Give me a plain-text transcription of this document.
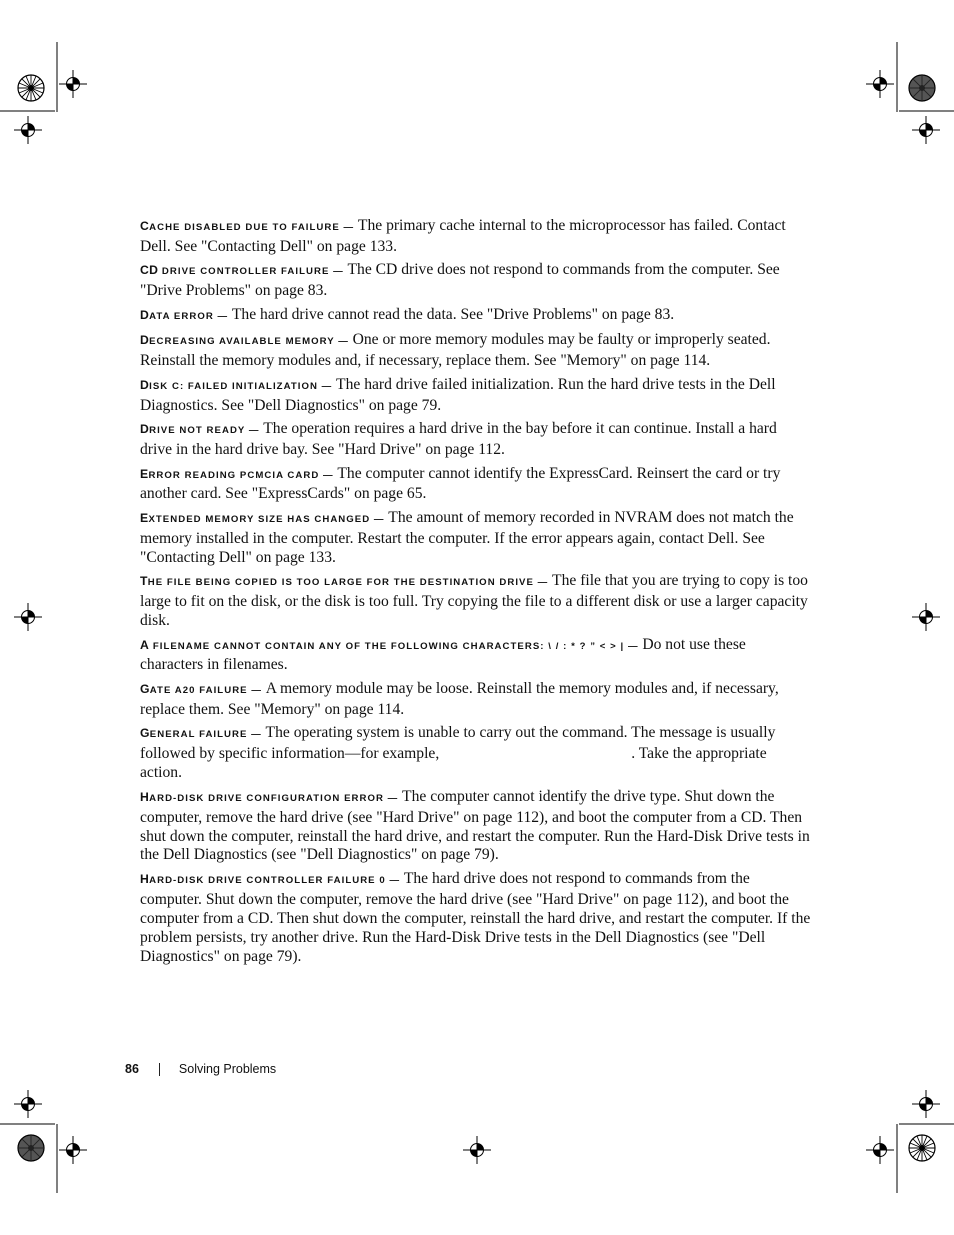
CACHE DISABLED DUE TO FAILURE — The primary cache internal to the microprocessor has failed. Contact Dell. See "Contacting Dell" on page 133.

CD DRIVE CONTROLLER FAILURE — The CD drive does not respond to commands from the computer. See "Drive Problems" on page 83.

DATA ERROR — The hard drive cannot read the data. See "Drive Problems" on page 83.

DECREASING AVAILABLE MEMORY — One or more memory modules may be faulty or improperly seated. Reinstall the memory modules and, if necessary, replace them. See "Memory" on page 114.

DISK C: FAILED INITIALIZATION — The hard drive failed initialization. Run the hard drive tests in the Dell Diagnostics. See "Dell Diagnostics" on page 79.

DRIVE NOT READY — The operation requires a hard drive in the bay before it can continue. Install a hard drive in the hard drive bay. See "Hard Drive" on page 112.

ERROR READING PCMCIA CARD — The computer cannot identify the ExpressCard. Reinsert the card or try another card. See "ExpressCards" on page 65.

EXTENDED MEMORY SIZE HAS CHANGED — The amount of memory recorded in NVRAM does not match the memory installed in the computer. Restart the computer. If the error appears again, contact Dell. See "Contacting Dell" on page 133.

THE FILE BEING COPIED IS TOO LARGE FOR THE DESTINATION DRIVE — The file that you are trying to copy is too large to fit on the disk, or the disk is too full. Try copying the file to a different disk or use a larger capacity disk.

A FILENAME CANNOT CONTAIN ANY OF THE FOLLOWING CHARACTERS: \ / : * ? ” < > | — Do not use these characters in filenames.

GATE A20 FAILURE — A memory module may be loose. Reinstall the memory modules and, if necessary, replace them. See "Memory" on page 114.

GENERAL FAILURE — The operating system is unable to carry out the command. The message is usually followed by specific information—for example,	. Take the appropriate action.

HARD-DISK DRIVE CONFIGURATION ERROR — The computer cannot identify the drive type. Shut down the computer, remove the hard drive (see "Hard Drive" on page 112), and boot the computer from a CD. Then shut down the computer, reinstall the hard drive, and restart the computer. Run the Hard-Disk Drive tests in the Dell Diagnostics (see "Dell Diagnostics" on page 79).

HARD-DISK DRIVE CONTROLLER FAILURE 0 — The hard drive does not respond to commands from the computer. Shut down the computer, remove the hard drive (see "Hard Drive" on page 112), and boot the computer from a CD. Then shut down the computer, reinstall the hard drive, and restart the computer. If the problem persists, try another drive. Run the Hard-Disk Drive tests in the Dell Diagnostics (see "Dell Diagnostics" on page 79).

86	Solving Problems
